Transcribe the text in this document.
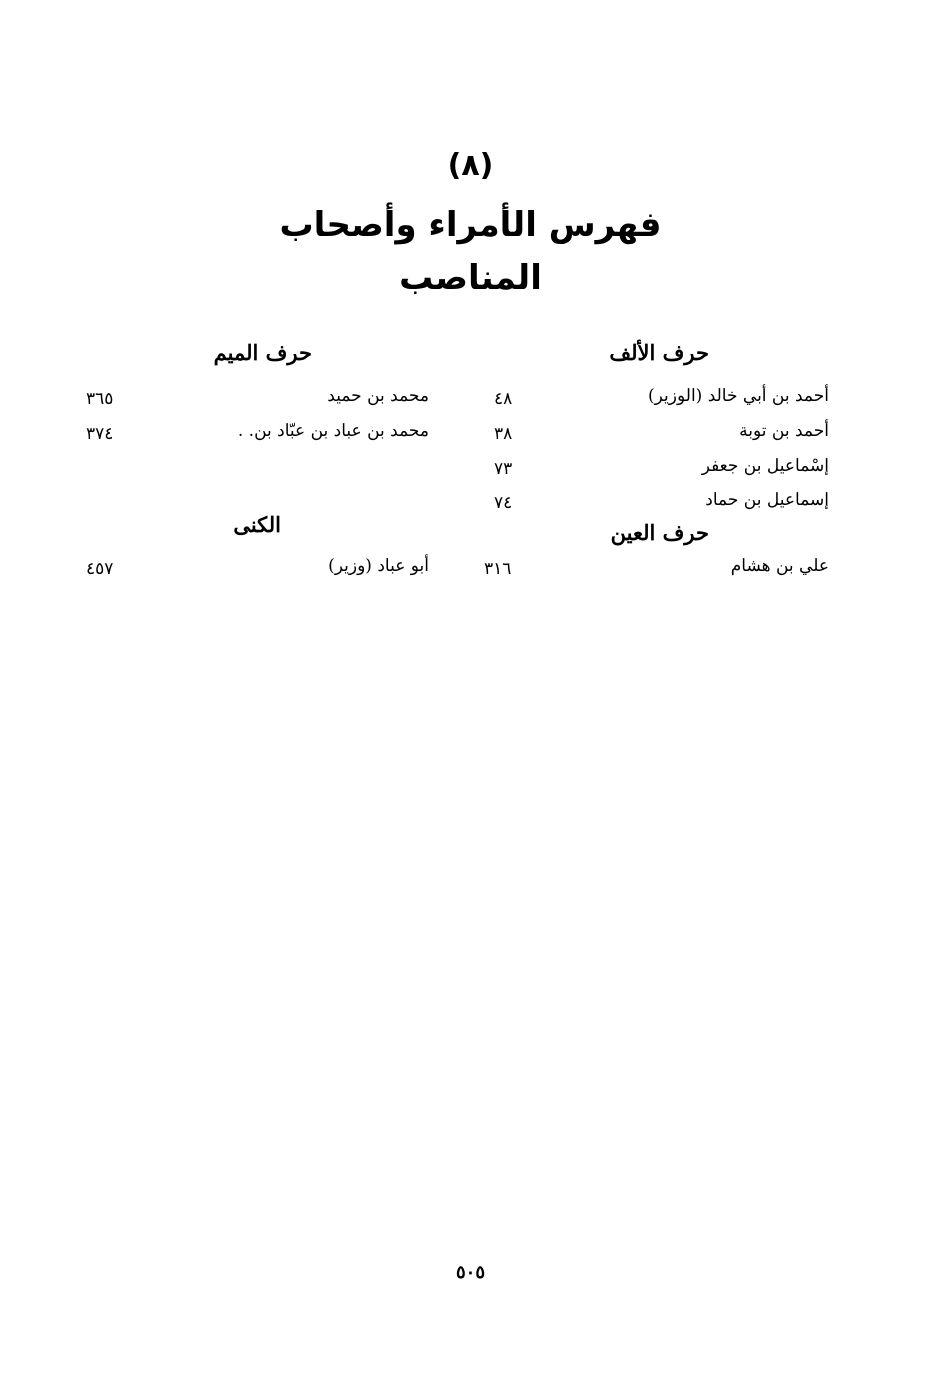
(٨)
فهرس الأمراء وأصحاب
المناصب
حرف الألف
أحمد بن أبي خالد (الوزير)
٤٨
أحمد بن توبة
٣٨
إسْماعيل بن جعفر
٧٣
إسماعيل بن حماد
٧٤
حرف العين
علي بن هشام
٣١٦
حرف الميم
محمد بن حميد
٣٦٥
محمد بن عباد بن عبّاد بن. .
٣٧٤
الكنى
أبو عباد (وزير)
٤٥٧
٥٠٥
